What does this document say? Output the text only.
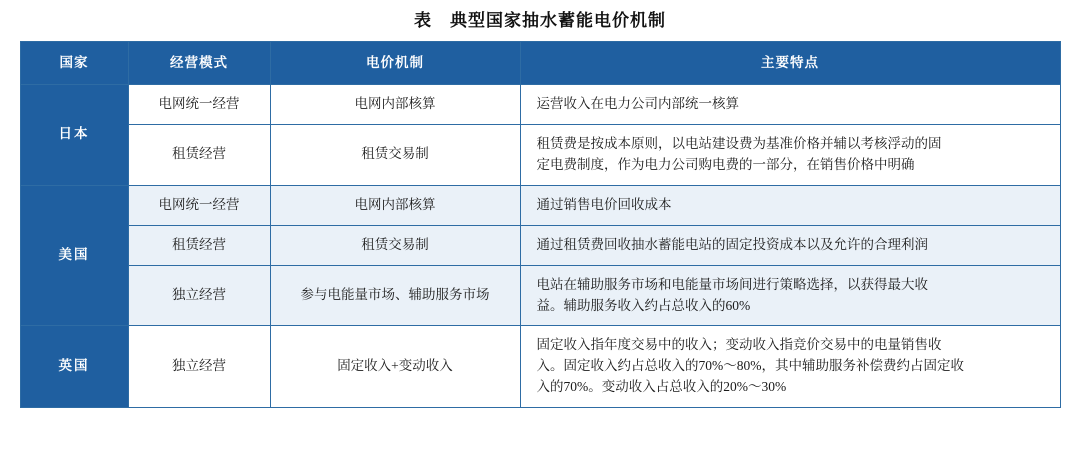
表　典型国家抽水蓄能电价机制
国家	经营模式	电价机制	主要特点
日本	电网统一经营	电网内部核算	运营收入在电力公司内部统一核算

	租赁经营	租赁交易制	租赁费是按成本原则，以电站建设费为基准价格并辅以考核浮动的固
定电费制度，作为电力公司购电费的一部分，在销售价格中明确

美国	电网统一经营	电网内部核算	通过销售电价回收成本

	租赁经营	租赁交易制	通过租赁费回收抽水蓄能电站的固定投资成本以及允许的合理利润

	独立经营	参与电能量市场、辅助服务市场	电站在辅助服务市场和电能量市场间进行策略选择，以获得最大收
益。辅助服务收入约占总收入的60%

英国	独立经营	固定收入+变动收入	固定收入指年度交易中的收入；变动收入指竞价交易中的电量销售收
入。固定收入约占总收入的70%～80%，其中辅助服务补偿费约占固定收
入的70%。变动收入占总收入的20%～30%
